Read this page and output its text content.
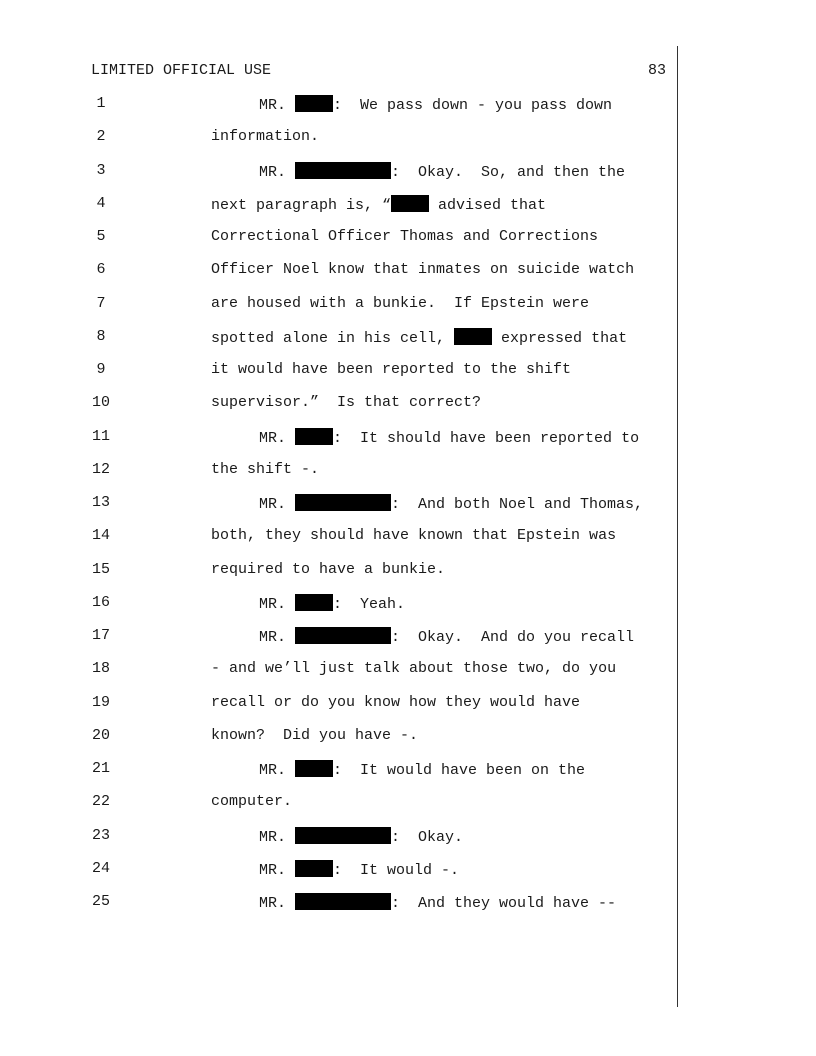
LIMITED OFFICIAL USE	83
1	MR.	:  We pass down - you pass down
2	information.
3	MR.	:  Okay.  So, and then the
4	next paragraph is, “	advised that
5	Correctional Officer Thomas and Corrections
6	Officer Noel know that inmates on suicide watch
7	are housed with a bunkie.  If Epstein were
8	spotted alone in his cell,	expressed that
9	it would have been reported to the shift
10	supervisor.”  Is that correct?
11	MR.	:  It should have been reported to
12	the shift -.
13	MR.	:  And both Noel and Thomas,
14	both, they should have known that Epstein was
15	required to have a bunkie.
16	MR.	:  Yeah.
17	MR.	:  Okay.  And do you recall
18	- and we’ll just talk about those two, do you
19	recall or do you know how they would have
20	known?  Did you have -.
21	MR.	:  It would have been on the
22	computer.
23	MR.	:  Okay.
24	MR.	:  It would -.
25	MR.	:  And they would have --
